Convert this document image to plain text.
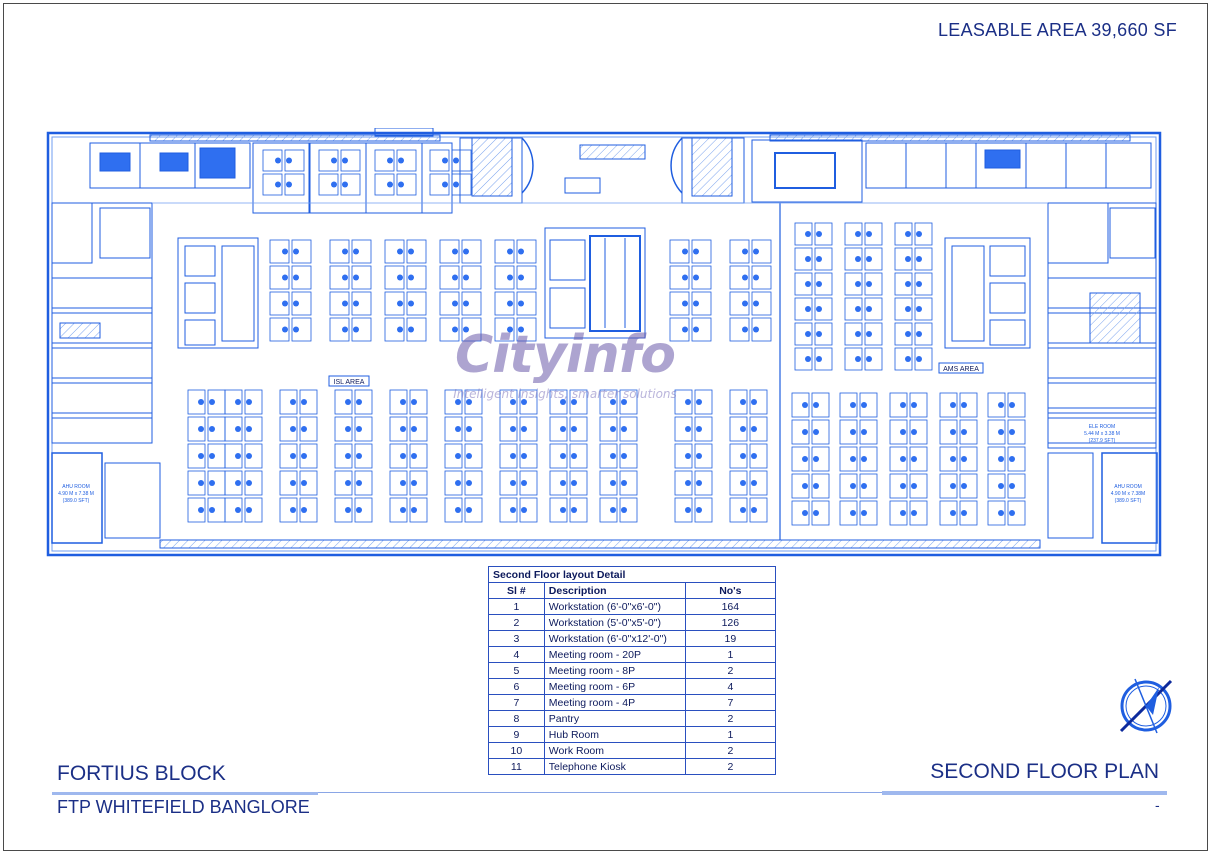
LEASABLE AREA 39,660 SF
ISL AREA
AMS AREA
AHU ROOM
4.90 M x 7.38 M
(389.0 SFT)
AHU ROOM
4.90 M x 7.38M
(389.0 SFT)
ELE ROOM
5.44 M x 3.38 M
(237.9 SFT)
Cityinfo
Intelligent insights, smarter solutions
Second Floor layout Detail		
Sl #	Description	No's
1	Workstation (6'-0"x6'-0")	164
2	Workstation (5'-0"x5'-0")	126
3	Workstation (6'-0"x12'-0")	19
4	Meeting room - 20P	1
5	Meeting room - 8P	2
6	Meeting room - 6P	4
7	Meeting room - 4P	7
8	Pantry	2
9	Hub Room	1
10	Work Room	2
11	Telephone Kiosk	2
FORTIUS BLOCK
FTP WHITEFIELD BANGLORE
SECOND FLOOR PLAN
-
